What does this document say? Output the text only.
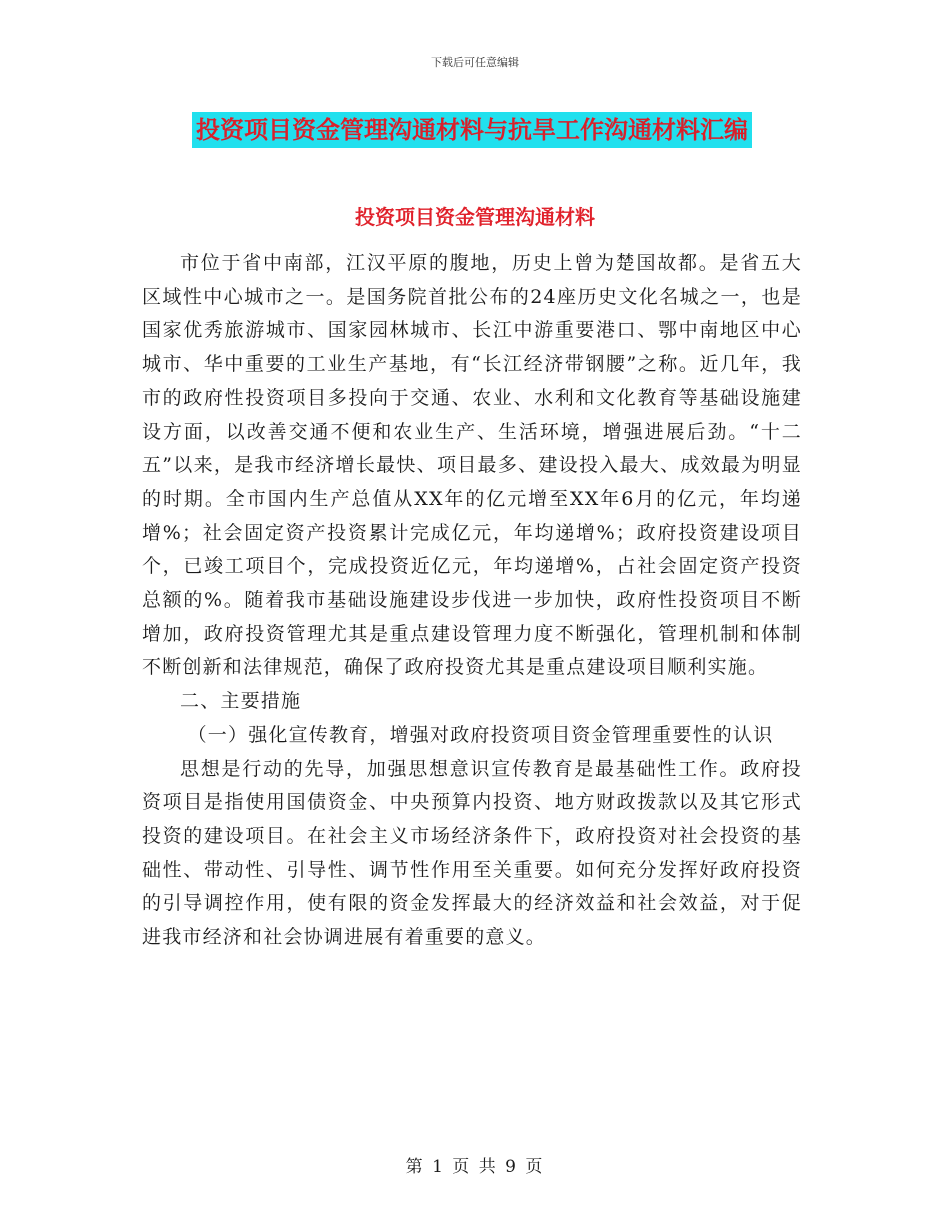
下载后可任意编辑
投资项目资金管理沟通材料与抗旱工作沟通材料汇编
投资项目资金管理沟通材料

市位于省中南部，江汉平原的腹地，历史上曾为楚国故都。是省五大区域性中心城市之一。是国务院首批公布的24座历史文化名城之一，也是国家优秀旅游城市、国家园林城市、长江中游重要港口、鄂中南地区中心城市、华中重要的工业生产基地，有“长江经济带钢腰”之称。近几年，我市的政府性投资项目多投向于交通、农业、水利和文化教育等基础设施建设方面，以改善交通不便和农业生产、生活环境，增强进展后劲。“十二五”以来，是我市经济增长最快、项目最多、建设投入最大、成效最为明显的时期。全市国内生产总值从XX年的亿元增至XX年6月的亿元，年均递增%；社会固定资产投资累计完成亿元，年均递增%；政府投资建设项目个，已竣工项目个，完成投资近亿元，年均递增%，占社会固定资产投资总额的%。随着我市基础设施建设步伐进一步加快，政府性投资项目不断增加，政府投资管理尤其是重点建设管理力度不断强化，管理机制和体制不断创新和法律规范，确保了政府投资尤其是重点建设项目顺利实施。

二、主要措施

（一）强化宣传教育，增强对政府投资项目资金管理重要性的认识

思想是行动的先导，加强思想意识宣传教育是最基础性工作。政府投资项目是指使用国债资金、中央预算内投资、地方财政拨款以及其它形式投资的建设项目。在社会主义市场经济条件下，政府投资对社会投资的基础性、带动性、引导性、调节性作用至关重要。如何充分发挥好政府投资的引导调控作用，使有限的资金发挥最大的经济效益和社会效益，对于促进我市经济和社会协调进展有着重要的意义。

第 1 页 共 9 页
